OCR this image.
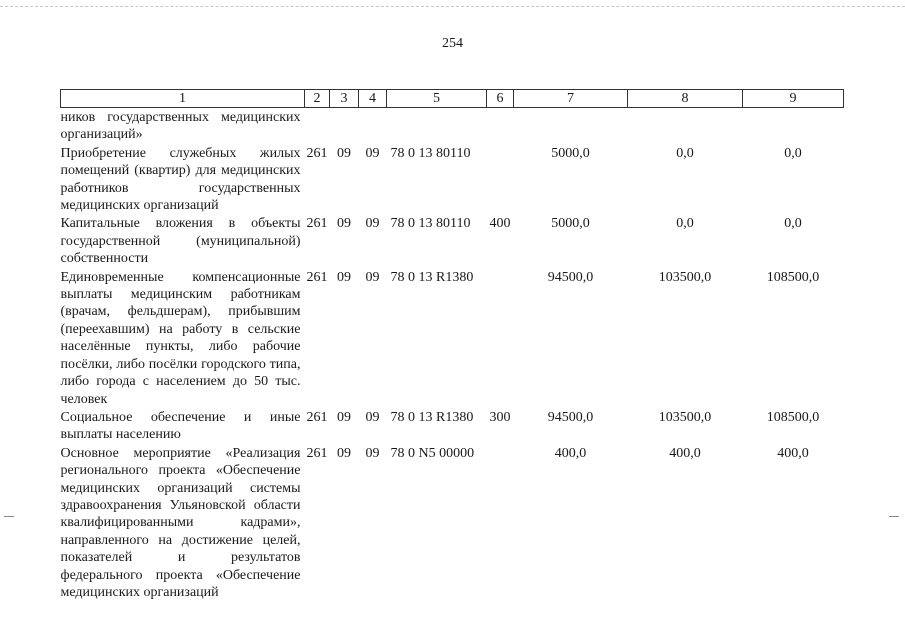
254
1	2	3	4	5	6	7	8	9
ников государственных медицинских организаций»								
Приобретение служебных жилых помещений (квартир) для медицинских работников государственных медицинских организаций	261	09	09	78 0 13 80110		5000,0	0,0	0,0
Капитальные вложения в объекты государственной (муниципальной) собственности	261	09	09	78 0 13 80110	400	5000,0	0,0	0,0
Единовременные компенсационные выплаты медицинским работникам (врачам, фельдшерам), прибывшим (переехавшим) на работу в сельские населённые пункты, либо рабочие посёлки, либо посёлки городского типа, либо города с населением до 50 тыс. человек	261	09	09	78 0 13 R1380		94500,0	103500,0	108500,0
Социальное обеспечение и иные выплаты населению	261	09	09	78 0 13 R1380	300	94500,0	103500,0	108500,0
Основное мероприятие «Реализация регионального проекта «Обеспечение медицинских организаций системы здравоохранения Ульяновской области квалифицированными кадрами», направленного на достижение целей, показателей и результатов федерального проекта «Обеспечение медицинских организаций	261	09	09	78 0 N5 00000		400,0	400,0	400,0
